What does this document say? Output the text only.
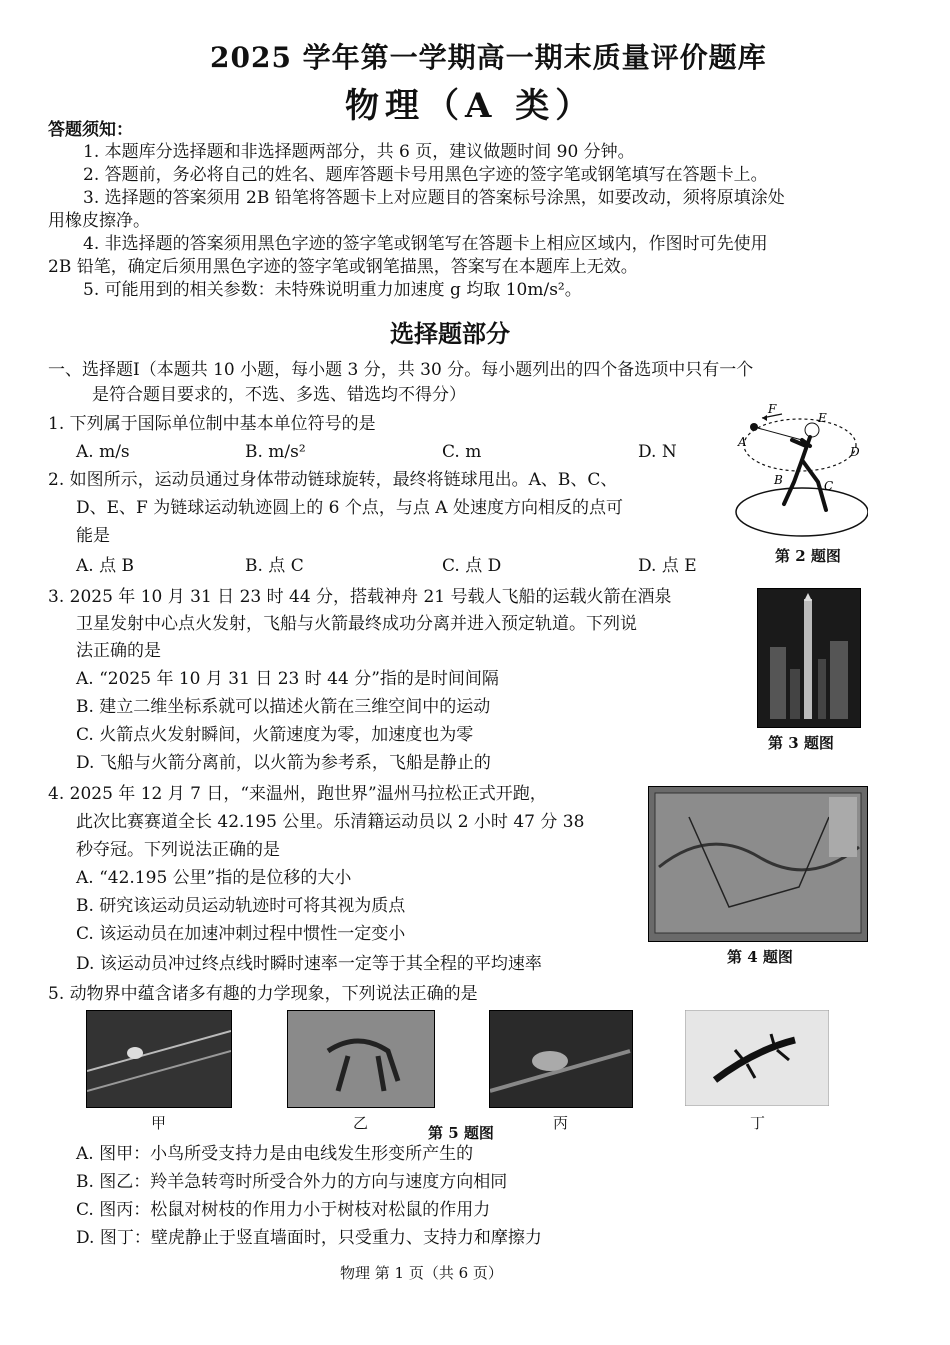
2025 学年第一学期高一期末质量评价题库
物理（A 类）
答题须知：
1. 本题库分选择题和非选择题两部分，共 6 页，建议做题时间 90 分钟。
2. 答题前，务必将自己的姓名、题库答题卡号用黑色字迹的签字笔或钢笔填写在答题卡上。
3. 选择题的答案须用 2B 铅笔将答题卡上对应题目的答案标号涂黑，如要改动，须将原填涂处
用橡皮擦净。
4. 非选择题的答案须用黑色字迹的签字笔或钢笔写在答题卡上相应区域内，作图时可先使用
2B 铅笔，确定后须用黑色字迹的签字笔或钢笔描黑，答案写在本题库上无效。
5. 可能用到的相关参数：未特殊说明重力加速度 g 均取 10m/s²。
选择题部分
一、选择题Ⅰ（本题共 10 小题，每小题 3 分，共 30 分。每小题列出的四个备选项中只有一个
是符合题目要求的，不选、多选、错选均不得分）
1. 下列属于国际单位制中基本单位符号的是
A. m/s	B. m/s²	C. m	D. N
2. 如图所示，运动员通过身体带动链球旋转，最终将链球甩出。A、B、C、
D、E、F 为链球运动轨迹圆上的 6 个点，与点 A 处速度方向相反的点可
能是
A. 点 B	B. 点 C	C. 点 D	D. 点 E
F
E
A
D
B	C
第 2 题图
3. 2025 年 10 月 31 日 23 时 44 分，搭载神舟 21 号载人飞船的运载火箭在酒泉
卫星发射中心点火发射，飞船与火箭最终成功分离并进入预定轨道。下列说
法正确的是
A. “2025 年 10 月 31 日 23 时 44 分”指的是时间间隔
B. 建立二维坐标系就可以描述火箭在三维空间中的运动
C. 火箭点火发射瞬间，火箭速度为零，加速度也为零
D. 飞船与火箭分离前，以火箭为参考系，飞船是静止的
第 3 题图
4. 2025 年 12 月 7 日，“来温州，跑世界”温州马拉松正式开跑，
此次比赛赛道全长 42.195 公里。乐清籍运动员以 2 小时 47 分 38
秒夺冠。下列说法正确的是
A. “42.195 公里”指的是位移的大小
B. 研究该运动员运动轨迹时可将其视为质点
C. 该运动员在加速冲刺过程中惯性一定变小
D. 该运动员冲过终点线时瞬时速率一定等于其全程的平均速率	第 4 题图
5. 动物界中蕴含诸多有趣的力学现象，下列说法正确的是
甲	乙
第 5 题图
丙	丁
A. 图甲：小鸟所受支持力是由电线发生形变所产生的
B. 图乙：羚羊急转弯时所受合外力的方向与速度方向相同
C. 图丙：松鼠对树枝的作用力小于树枝对松鼠的作用力
D. 图丁：壁虎静止于竖直墙面时，只受重力、支持力和摩擦力
物理 第 1 页（共 6 页）
